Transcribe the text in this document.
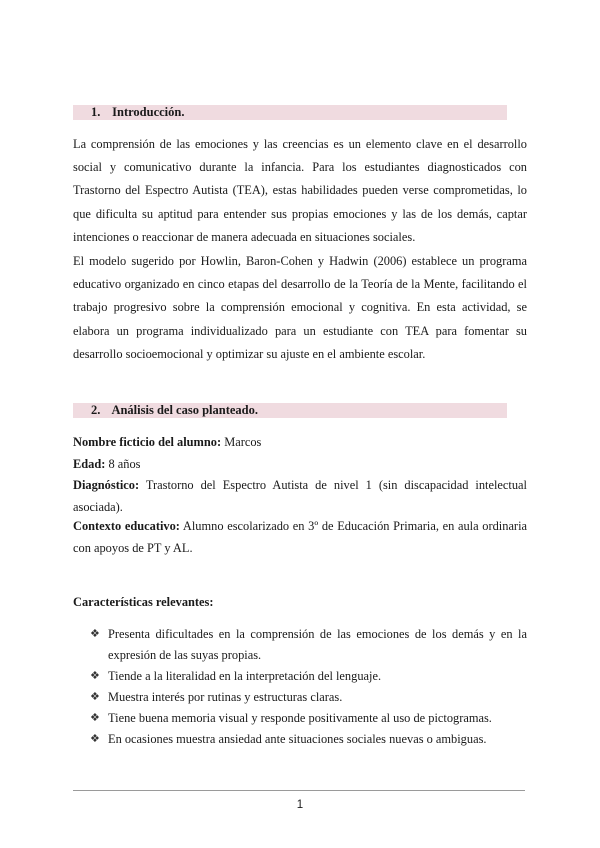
1. Introducción.

La comprensión de las emociones y las creencias es un elemento clave en el desarrollo social y comunicativo durante la infancia. Para los estudiantes diagnosticados con Trastorno del Espectro Autista (TEA), estas habilidades pueden verse comprometidas, lo que dificulta su aptitud para entender sus propias emociones y las de los demás, captar intenciones o reaccionar de manera adecuada en situaciones sociales.

El modelo sugerido por Howlin, Baron-Cohen y Hadwin (2006) establece un programa educativo organizado en cinco etapas del desarrollo de la Teoría de la Mente, facilitando el trabajo progresivo sobre la comprensión emocional y cognitiva. En esta actividad, se elabora un programa individualizado para un estudiante con TEA para fomentar su desarrollo socioemocional y optimizar su ajuste en el ambiente escolar.

2. Análisis del caso planteado.

Nombre ficticio del alumno: Marcos

Edad: 8 años

Diagnóstico: Trastorno del Espectro Autista de nivel 1 (sin discapacidad intelectual asociada).

Contexto educativo: Alumno escolarizado en 3º de Educación Primaria, en aula ordinaria con apoyos de PT y AL.

Características relevantes:
❖ Presenta dificultades en la comprensión de las emociones de los demás y en la expresión de las suyas propias.
❖ Tiende a la literalidad en la interpretación del lenguaje.
❖ Muestra interés por rutinas y estructuras claras.
❖ Tiene buena memoria visual y responde positivamente al uso de pictogramas.
❖ En ocasiones muestra ansiedad ante situaciones sociales nuevas o ambiguas.
1
